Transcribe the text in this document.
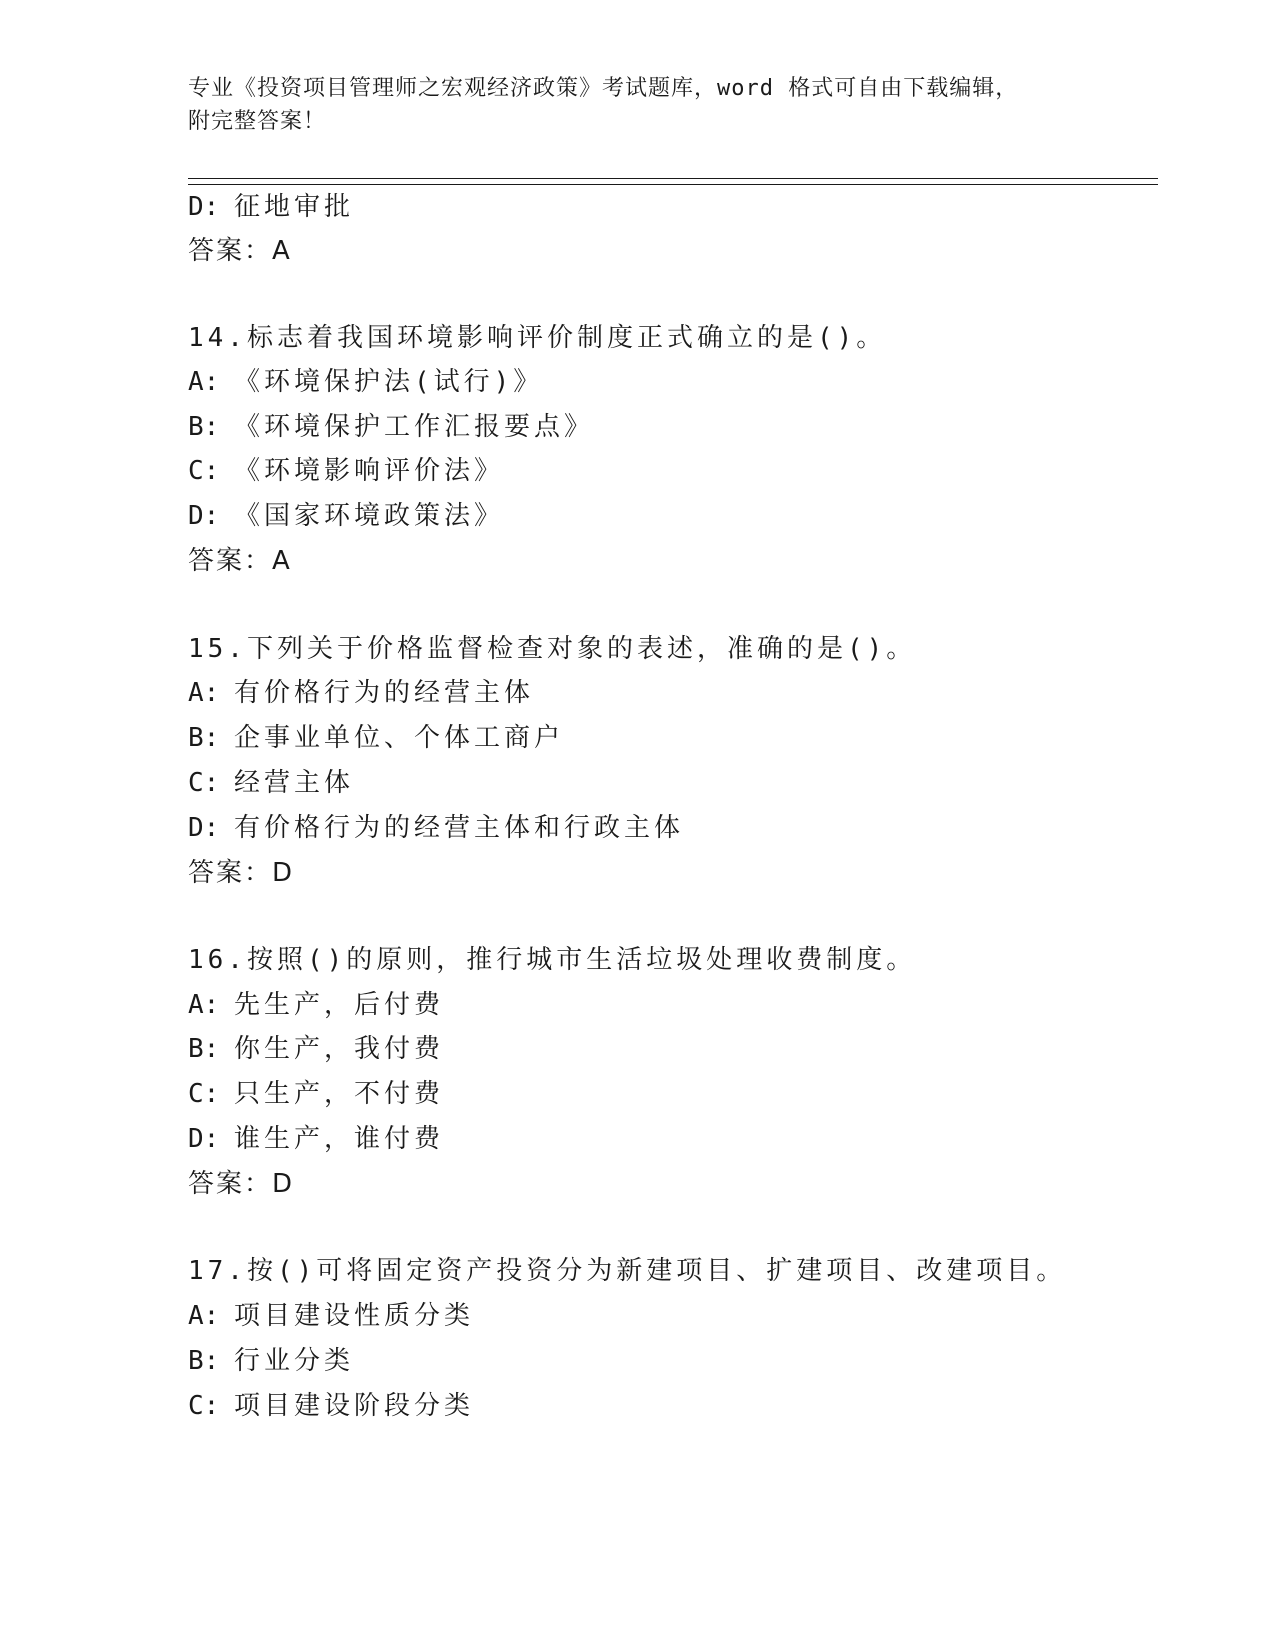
专业《投资项目管理师之宏观经济政策》考试题库，word 格式可自由下载编辑，
附完整答案！
D: 征地审批
答案：A
14.标志着我国环境影响评价制度正式确立的是()。
A: 《环境保护法(试行)》
B: 《环境保护工作汇报要点》
C: 《环境影响评价法》
D: 《国家环境政策法》
答案：A
15.下列关于价格监督检查对象的表述，准确的是()。
A: 有价格行为的经营主体
B: 企事业单位、个体工商户
C: 经营主体
D: 有价格行为的经营主体和行政主体
答案：D
16.按照()的原则，推行城市生活垃圾处理收费制度。
A: 先生产，后付费
B: 你生产，我付费
C: 只生产，不付费
D: 谁生产，谁付费
答案：D
17.按()可将固定资产投资分为新建项目、扩建项目、改建项目。
A: 项目建设性质分类
B: 行业分类
C: 项目建设阶段分类
